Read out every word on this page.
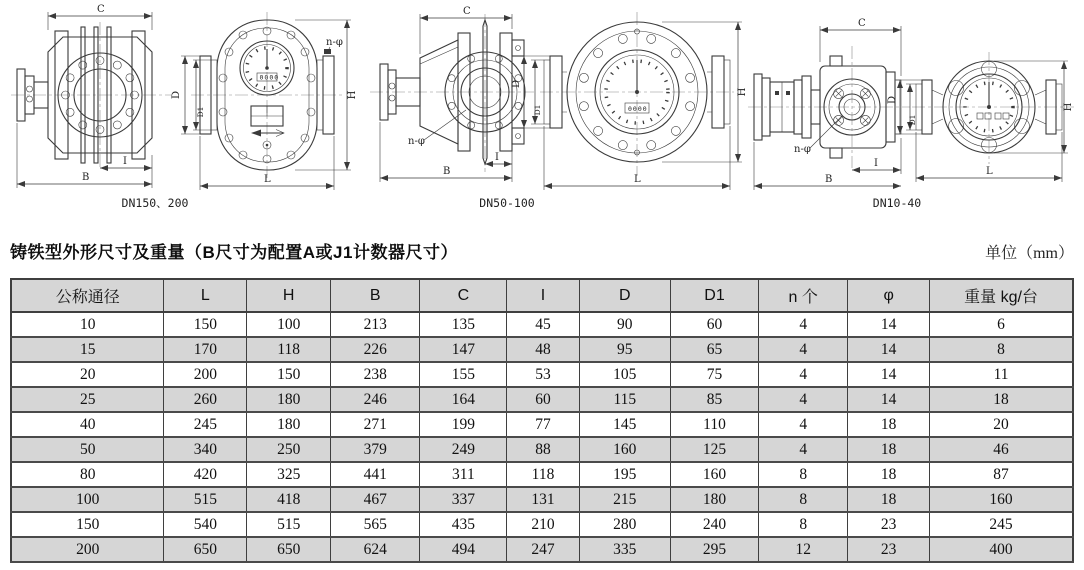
C
I
B
0000
n-φ
D
D1
L
H
DN150、200
n-φ
C
I
B
0000
D
D1
L
H
DN50-100
n-φ
C
I
B
D
D1
L
H
DN10-40
铸铁型外形尺寸及重量（B尺寸为配置A或J1计数器尺寸）	单位（mm）
公称通径	L	H	B	C	I	D	D1	n 个	φ	重量 kg/台
10	150	100	213	135	45	90	60	4	14	6
15	170	118	226	147	48	95	65	4	14	8
20	200	150	238	155	53	105	75	4	14	11
25	260	180	246	164	60	115	85	4	14	18
40	245	180	271	199	77	145	110	4	18	20
50	340	250	379	249	88	160	125	4	18	46
80	420	325	441	311	118	195	160	8	18	87
100	515	418	467	337	131	215	180	8	18	160
150	540	515	565	435	210	280	240	8	23	245
200	650	650	624	494	247	335	295	12	23	400
